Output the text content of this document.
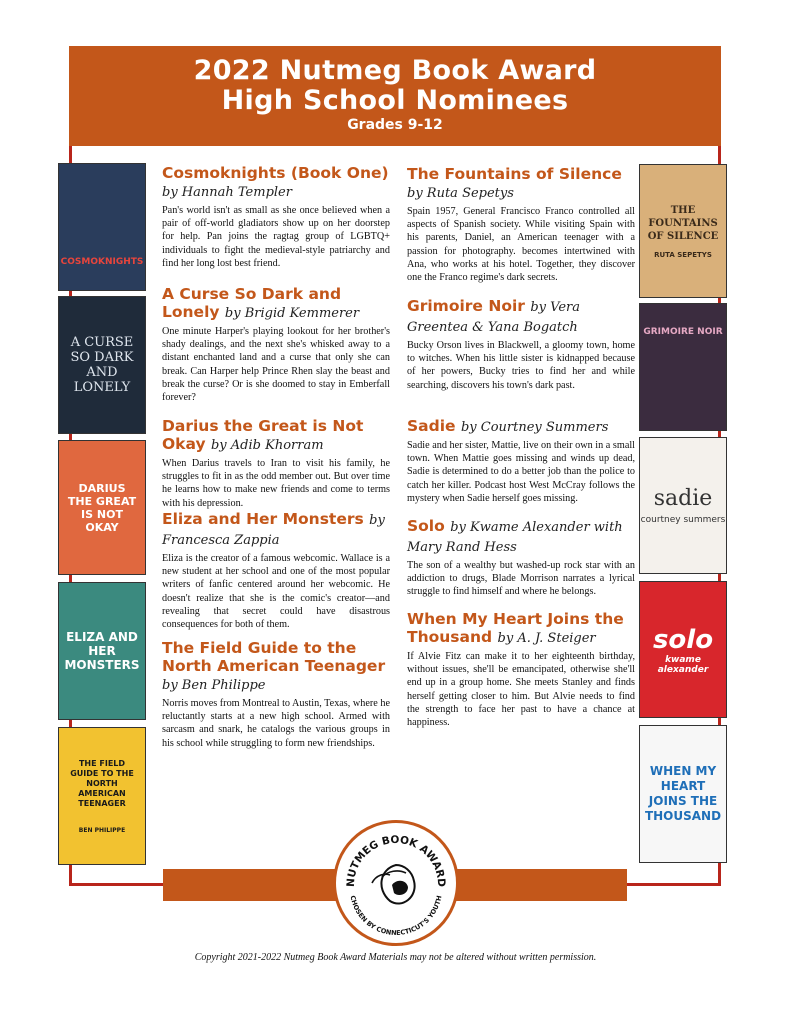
2022 Nutmeg Book Award
High School Nominees
Grades 9-12
COSMOKNIGHTS
A CURSE SO DARK AND LONELY
DARIUS THE GREAT IS NOT OKAY
ELIZA AND HER MONSTERS
THE FIELD GUIDE TO THE NORTH AMERICAN TEENAGER
BEN PHILIPPE
THE FOUNTAINS OF SILENCE
RUTA SEPETYS
GRIMOIRE NOIR
sadie
courtney summers
solo
kwame alexander
WHEN MY HEART JOINS THE THOUSAND
Cosmoknights (Book One) by Hannah Templer
Pan's world isn't as small as she once believed when a pair of off-world gladiators show up on her doorstep for help. Pan joins the ragtag group of LGBTQ+ individuals to fight the medieval-style patriarchy and find her long lost best friend.
A Curse So Dark and Lonely by Brigid Kemmerer
One minute Harper's playing lookout for her brother's shady dealings, and the next she's whisked away to a distant enchanted land and a curse that only she can break. Can Harper help Prince Rhen slay the beast and break the curse? Or is she doomed to stay in Emberfall forever?
Darius the Great is Not Okay by Adib Khorram
When Darius travels to Iran to visit his family, he struggles to fit in as the odd member out. But over time he learns how to make new friends and come to terms with his depression.
Eliza and Her Monsters by Francesca Zappia
Eliza is the creator of a famous webcomic. Wallace is a new student at her school and one of the most popular writers of fanfic centered around her webcomic. He doesn't realize that she is the comic's creator—and revealing that secret could have disastrous consequences for both of them.
The Field Guide to the North American Teenager by Ben Philippe
Norris moves from Montreal to Austin, Texas, where he reluctantly starts at a new high school. Armed with sarcasm and snark, he catalogs the various groups in his school while struggling to form new friendships.
The Fountains of Silence by Ruta Sepetys
Spain 1957, General Francisco Franco controlled all aspects of Spanish society. While visiting Spain with his parents, Daniel, an American teenager with a passion for photography. becomes intertwined with Ana, who works at his hotel. Together, they discover one the Franco regime's dark secrets.
Grimoire Noir by Vera Greentea & Yana Bogatch
Bucky Orson lives in Blackwell, a gloomy town, home to witches. When his little sister is kidnapped because of her powers, Bucky tries to find her and while searching, discovers his town's dark past.
Sadie by Courtney Summers
Sadie and her sister, Mattie, live on their own in a small town. When Mattie goes missing and winds up dead, Sadie is determined to do a better job than the police to catch her killer. Podcast host West McCray follows the mystery when Sadie herself goes missing.
Solo by Kwame Alexander with Mary Rand Hess
The son of a wealthy but washed-up rock star with an addiction to drugs, Blade Morrison narrates a lyrical struggle to find himself and where he belongs.
When My Heart Joins the Thousand by A. J. Steiger
If Alvie Fitz can make it to her eighteenth birthday, without issues, she'll be emancipated, otherwise she'll end up in a group home. She meets Stanley and finds herself getting closer to him. But Alvie needs to find the strength to face her past to have a chance at happiness.
NUTMEG BOOK AWARD
CHOSEN BY CONNECTICUT'S YOUTH
Copyright 2021-2022 Nutmeg Book Award Materials may not be altered without written permission.
